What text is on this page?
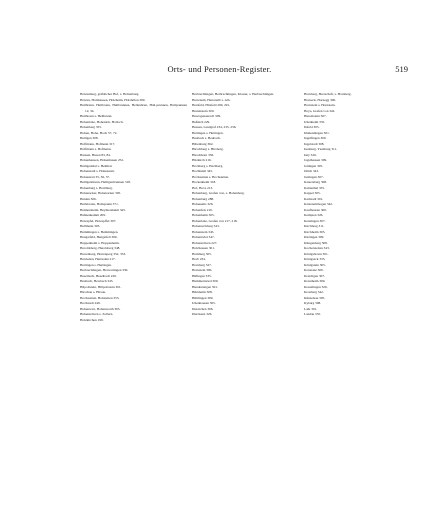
Orts- und Personen-Register.	519

Holzenburg, gräfslicher Hof, s. Holtenburg.

Holzen, Holzhausen, Holzheim, Holzhöfen 309.

Heilbrunn, Heilbronn, Heilbrunnen, Hellenbrun, Hail-prunnen, Hailprunnen 12, 34.

Heilbronn s. Heilbrunn.

Hohenlohe, Hohenloh, Holloch.

Hohenberg 355.

Hohen, Hohe, Hoch 57, 72.

Heiligen 308.

Hoffmann, Hofmann 317.

Hoffmann s. Hofmann.

Hausen, Husen 83, 84.

Hohenhausen, Hohenhusen 252.

Heiligenthal s. Heilthal.

Hohenstadt s. Hohenstatt.

Hohenstatt 35, 36, 37.

Heiligenbrunn, Heiligenbrunnen 318.

Hohenburg s. Homburg.

Hohenacker, Hohenacker 305.

Heiden 306.

Heilsbronn, Hailsprunn 371.

Heimersheim, Heymersheim 345.

Hahnenkamm 209.

Holzapfel, Holzapffel 307.

Hellmann 303.

Hemmingen s. Hemmingen.

Hengstfeld, Hengstfelt 360.

Heppenheim s. Hoppenheim.

Heroldsberg, Herolsberg 348.

Herrenberg, Herrenperg 352, 353.

Herrieden, Herrieden 217.

Hertingen s. Hertingen.

Herbrechtingen, Herwartingen 330.

Heselbach, Heselbach 229.

Heubach, Hewbach 343.

Hilpoltstein, Hiltpoltstein 301.

Hirschau s. Hirsau.

Hochstetten, Hohstetten 355.

Hochstadt 249.

Hohenwart, Hohenwarth 305.

Hohenzollern s. Zollern.

Holzkirchen 199.

Herbrechtingen, Herbrechtingen, Kloster, s. Herbrechtingen.

Herrenalb, Herrenalb s. Alb.

Hersfeld, Hirsfeld 290, 291.

Hertenstein 300.

Herzogenaurach 309.

Heßlach 229.

Hessen, Landgraf 234, 235, 236.

Hettingen s. Hettingen.

Heubach s. Heubach.

Hiltenburg 362.

Hirschberg s. Hirsberg.

Hirschhorn 356.

Hitzkirch 216.

Hochberg s. Hachberg.

Hochheim 345.

Hochstetten s. Hochstetten.

Hockenheim 318.

Hof, Hove 213.

Hohenberg, Grafen von, s. Hohenberg.

Hohenburg 288.

Hohenems 326.

Hohenfels 210.

Hohenheim 305.

Hohenlohe, Grafen von 217, 218.

Hohenrechberg 343.

Hohenstein 345.

Hohentwiel 347.

Hohenzollern 227.

Holzhausen 301.

Homburg 305.

Horb 234.

Hornberg 327.

Hornstein 300.

Hüfingen 335.

Hummertsried 309.

Hundersingen 301.

Hürnheim 308.

Hüttlingen 309.

Ichenhausen 305.

Illereichen 306.

Illertissen 326.

Hornberg, Herrschaft, s. Hornberg.

Horneck, Hornegg 300.

Hornstein s. Hornstein.

Hoya, Grafen von 342.

Hunoltstein 307.

Ichenheim 335.

Ilsfeld 305.

Immendingen 301.

Ingelfingen 300.

Ingolstadt 308.

Isenburg, Ysenburg 311.

Isny 326.

Jagsthausen 309.

Jettingen 305.

Jülich 343.

Justingen 307.

Kaisersberg 308.

Kaltenthal 335.

Kappel 305.

Karlstadt 301.

Katzenelnbogen 342.

Kaufbeuren 300.

Kempten 326.

Kenzingen 307.

Kirchberg 311.

Kirchheim 305.

Kitzingen 309.

Klingenberg 308.

Kocherstetten 343.

Königsbronn 301.

Königseck 335.

Königstein 305.

Konstanz 300.

Kraichgau 307.

Krautheim 309.

Kreuzlingen 326.

Kronberg 342.

Künzelsau 305.

Kyburg 308.

Lahr 301.

Landau 335.
